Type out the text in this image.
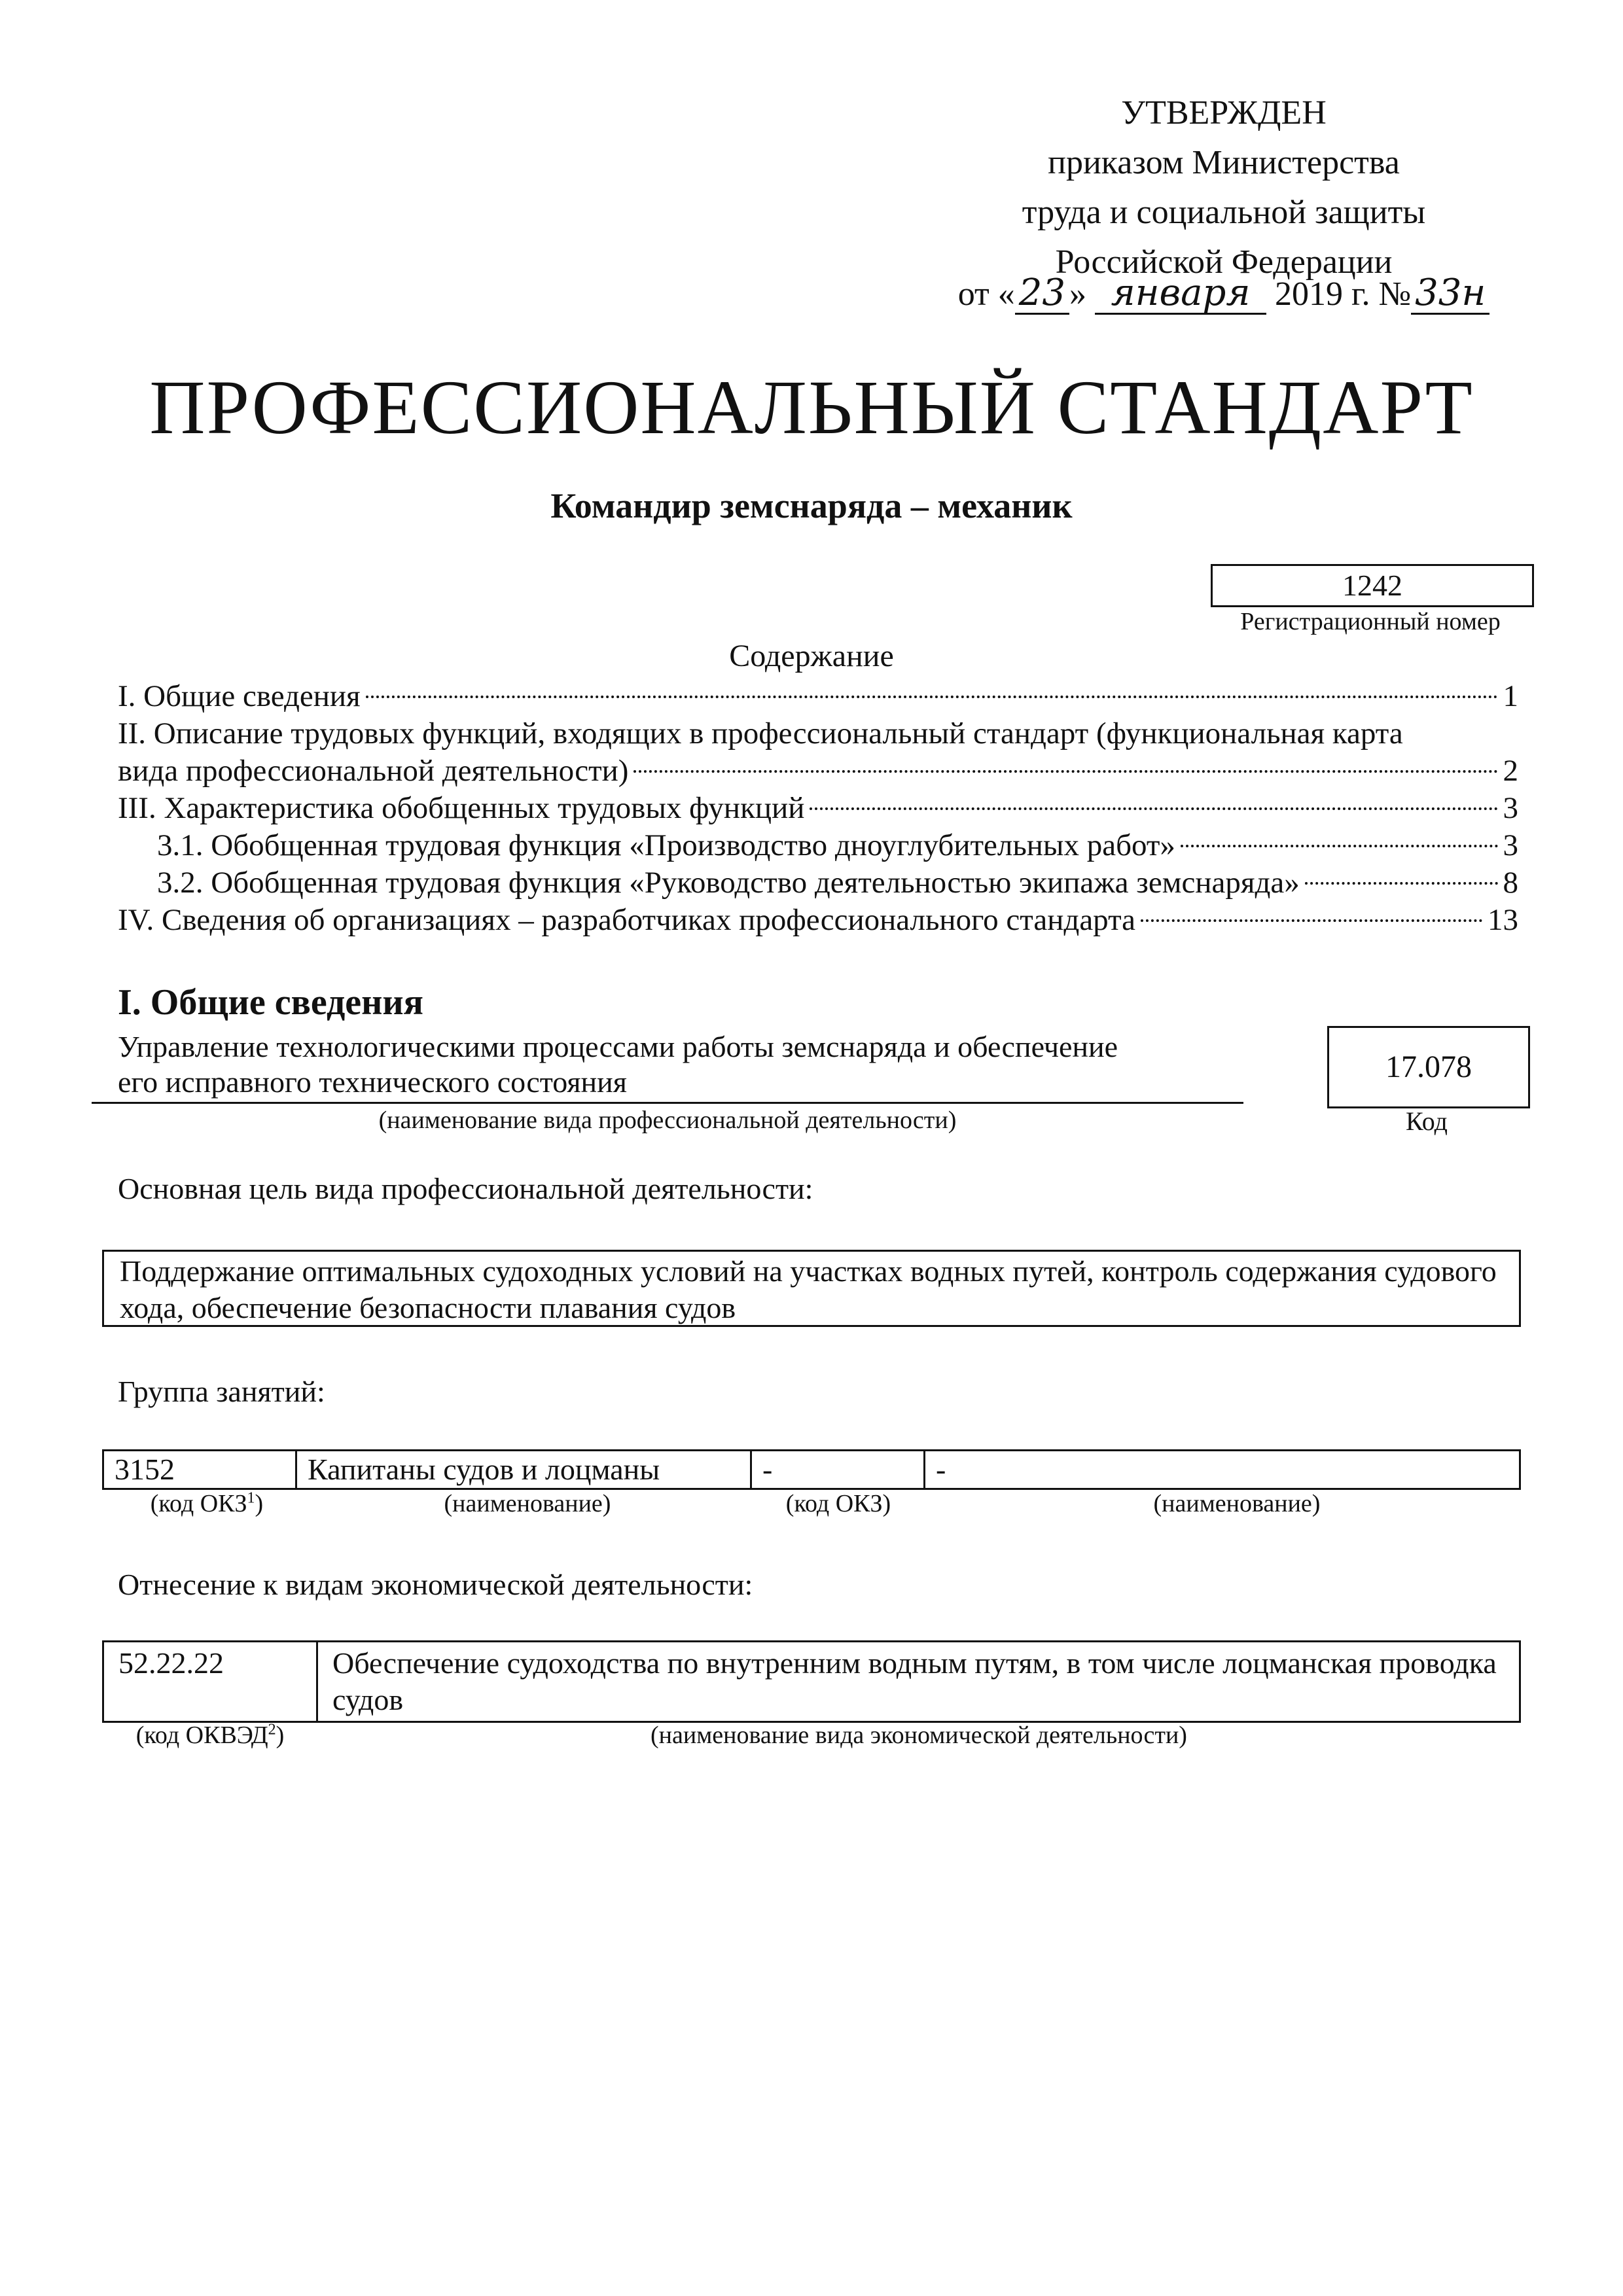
УТВЕРЖДЕН
приказом Министерства
труда и социальной защиты
Российской Федерации
от « 23 » января 2019 г. № 33н
ПРОФЕССИОНАЛЬНЫЙ СТАНДАРТ
Командир земснаряда – механик
1242
Регистрационный номер
Содержание
I. Общие сведения	1
II. Описание трудовых функций, входящих в профессиональный стандарт (функциональная карта
вида профессиональной деятельности)	2
III. Характеристика обобщенных трудовых функций	3
3.1. Обобщенная трудовая функция «Производство дноуглубительных работ»	3
3.2. Обобщенная трудовая функция «Руководство деятельностью экипажа земснаряда»	8
IV. Сведения об организациях – разработчиках профессионального стандарта	13
I. Общие сведения
Управление технологическими процессами работы земснаряда и обеспечение
его исправного технического состояния
(наименование вида профессиональной деятельности)
17.078
Код
Основная цель вида профессиональной деятельности:
Поддержание оптимальных судоходных условий на участках водных путей, контроль содержания судового хода, обеспечение безопасности плавания судов
Группа занятий:
3152	Капитаны судов и лоцманы	-	-
(код ОКЗ$^1$)	(наименование)	(код ОКЗ)	(наименование)
Отнесение к видам экономической деятельности:
52.22.22	Обеспечение судоходства по внутренним водным путям, в том числе лоцманская проводка судов
(код ОКВЭД$^2$)	(наименование вида экономической деятельности)
